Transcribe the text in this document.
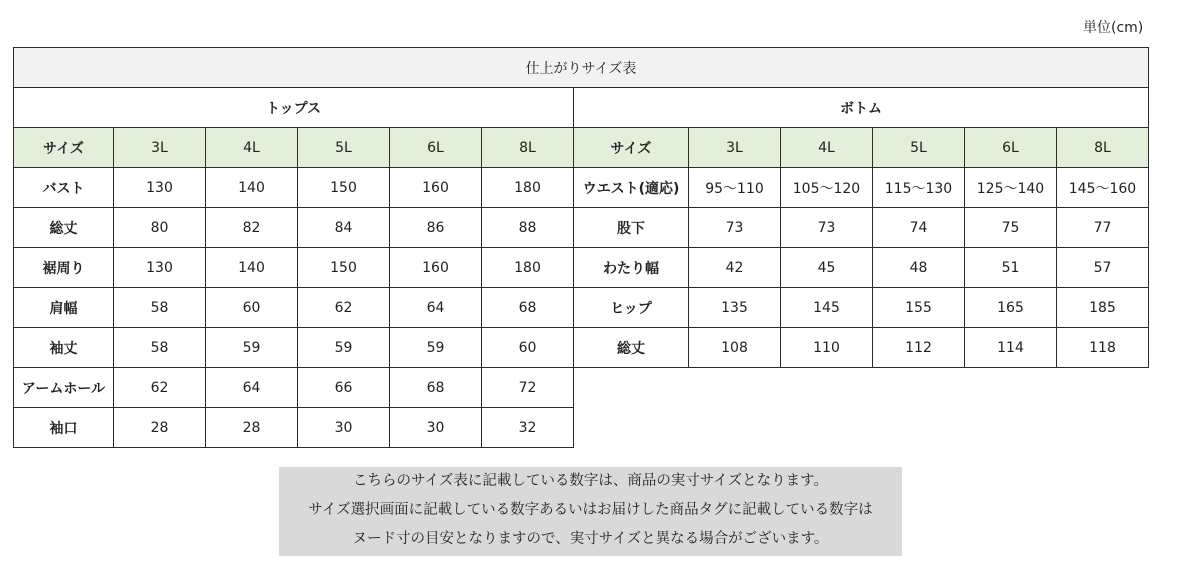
単位(cm)
仕上がりサイズ表											
トップス						ボトム					
サイズ	3L	4L	5L	6L	8L	サイズ	3L	4L	5L	6L	8L
バスト	130	140	150	160	180	ウエスト(適応)	95～110	105～120	115～130	125～140	145～160
総丈	80	82	84	86	88	股下	73	73	74	75	77
裾周り	130	140	150	160	180	わたり幅	42	45	48	51	57
肩幅	58	60	62	64	68	ヒップ	135	145	155	165	185
袖丈	58	59	59	59	60	総丈	108	110	112	114	118
アームホール	62	64	66	68	72						
袖口	28	28	30	30	32						
こちらのサイズ表に記載している数字は、商品の実寸サイズとなります。
サイズ選択画面に記載している数字あるいはお届けした商品タグに記載している数字は
ヌード寸の目安となりますので、実寸サイズと異なる場合がございます。
